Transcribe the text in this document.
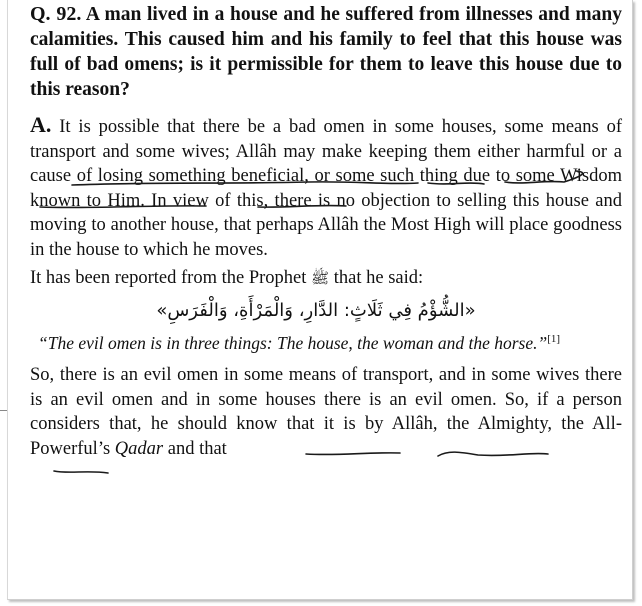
Q. 92. A man lived in a house and he suffered from illnesses and many calamities. This caused him and his family to feel that this house was full of bad omens; is it permissible for them to leave this house due to this reason?

A. It is possible that there be a bad omen in some houses, some means of transport and some wives; Allâh may make keeping them either harmful or a cause of losing something beneficial, or some such thing due to some Wisdom known to Him. In view of this, there is no objection to selling this house and moving to another house, that perhaps Allâh the Most High will place goodness in the house to which he moves.

It has been reported from the Prophet ﷺ that he said:

«الشُّؤْمُ فِي ثَلَاثٍ: الدَّارِ، وَالْمَرْأَةِ، وَالْفَرَسِ»

“The evil omen is in three things: The house, the woman and the horse.”[1]

So, there is an evil omen in some means of transport, and in some wives there is an evil omen and in some houses there is an evil omen. So, if a person considers that, he should know that it is by Allâh, the Almighty, the All-Powerful’s Qadar and that
